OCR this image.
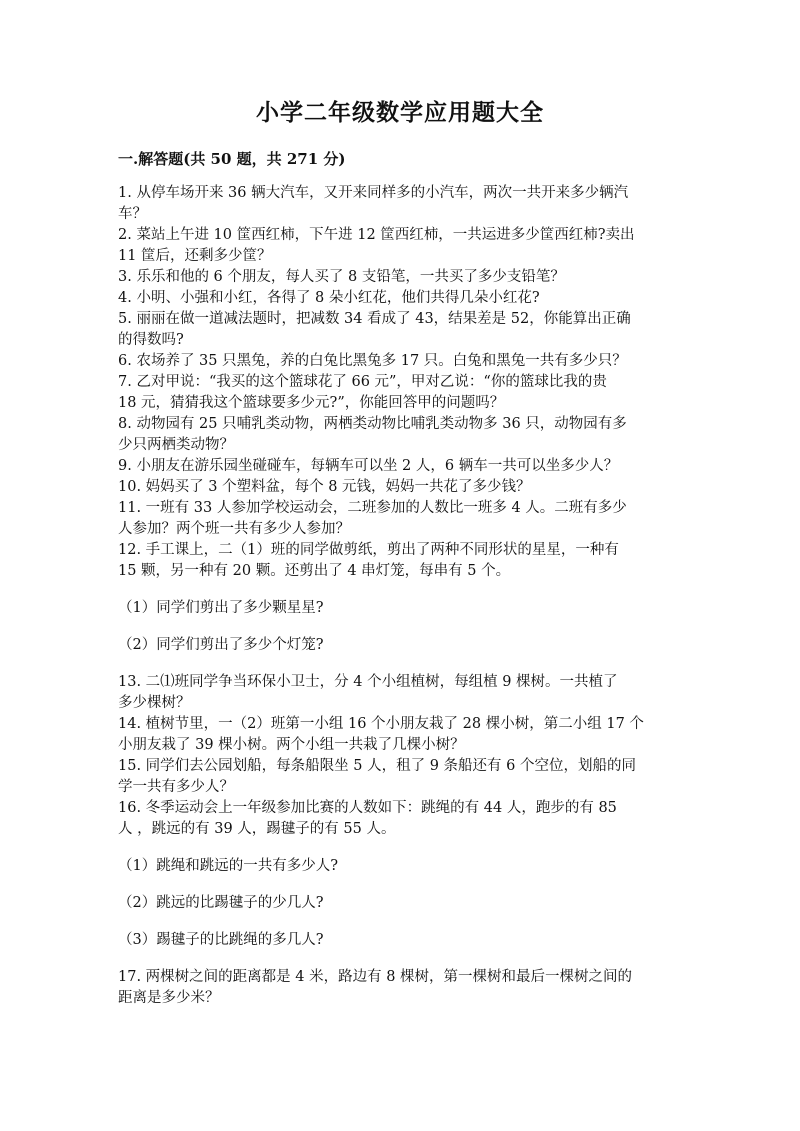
小学二年级数学应用题大全
一.解答题(共 50 题，共 271 分)

1. 从停车场开来 36 辆大汽车，又开来同样多的小汽车，两次一共开来多少辆汽
车？

2. 菜站上午进 10 筐西红柿，下午进 12 筐西红柿，一共运进多少筐西红柿?卖出
11 筐后，还剩多少筐？

3. 乐乐和他的 6 个朋友，每人买了 8 支铅笔，一共买了多少支铅笔？

4. 小明、小强和小红，各得了 8 朵小红花，他们共得几朵小红花?

5. 丽丽在做一道减法题时，把减数 34 看成了 43，结果差是 52，你能算出正确
的得数吗?

6. 农场养了 35 只黑兔，养的白兔比黑兔多 17 只。白兔和黑兔一共有多少只？

7. 乙对甲说：“我买的这个篮球花了 66 元”，甲对乙说：“你的篮球比我的贵
18 元，猜猜我这个篮球要多少元?”，你能回答甲的问题吗？

8. 动物园有 25 只哺乳类动物，两栖类动物比哺乳类动物多 36 只，动物园有多
少只两栖类动物？

9. 小朋友在游乐园坐碰碰车，每辆车可以坐 2 人，6 辆车一共可以坐多少人？

10. 妈妈买了 3 个塑料盆，每个 8 元钱，妈妈一共花了多少钱？

11. 一班有 33 人参加学校运动会，二班参加的人数比一班多 4 人。二班有多少
人参加？两个班一共有多少人参加？

12. 手工课上，二（1）班的同学做剪纸，剪出了两种不同形状的星星，一种有
15 颗，另一种有 20 颗。还剪出了 4 串灯笼，每串有 5 个。

（1）同学们剪出了多少颗星星?

（2）同学们剪出了多少个灯笼?

13. 二⑴班同学争当环保小卫士，分 4 个小组植树，每组植 9 棵树。一共植了
多少棵树？

14. 植树节里，一（2）班第一小组 16 个小朋友栽了 28 棵小树，第二小组 17 个
小朋友栽了 39 棵小树。两个小组一共栽了几棵小树？

15. 同学们去公园划船，每条船限坐 5 人，租了 9 条船还有 6 个空位，划船的同
学一共有多少人？

16. 冬季运动会上一年级参加比赛的人数如下：跳绳的有 44 人，跑步的有 85
人 ，跳远的有 39 人，踢毽子的有 55 人。

（1）跳绳和跳远的一共有多少人?

（2）跳远的比踢毽子的少几人?

（3）踢毽子的比跳绳的多几人?

17. 两棵树之间的距离都是 4 米，路边有 8 棵树，第一棵树和最后一棵树之间的
距离是多少米？
